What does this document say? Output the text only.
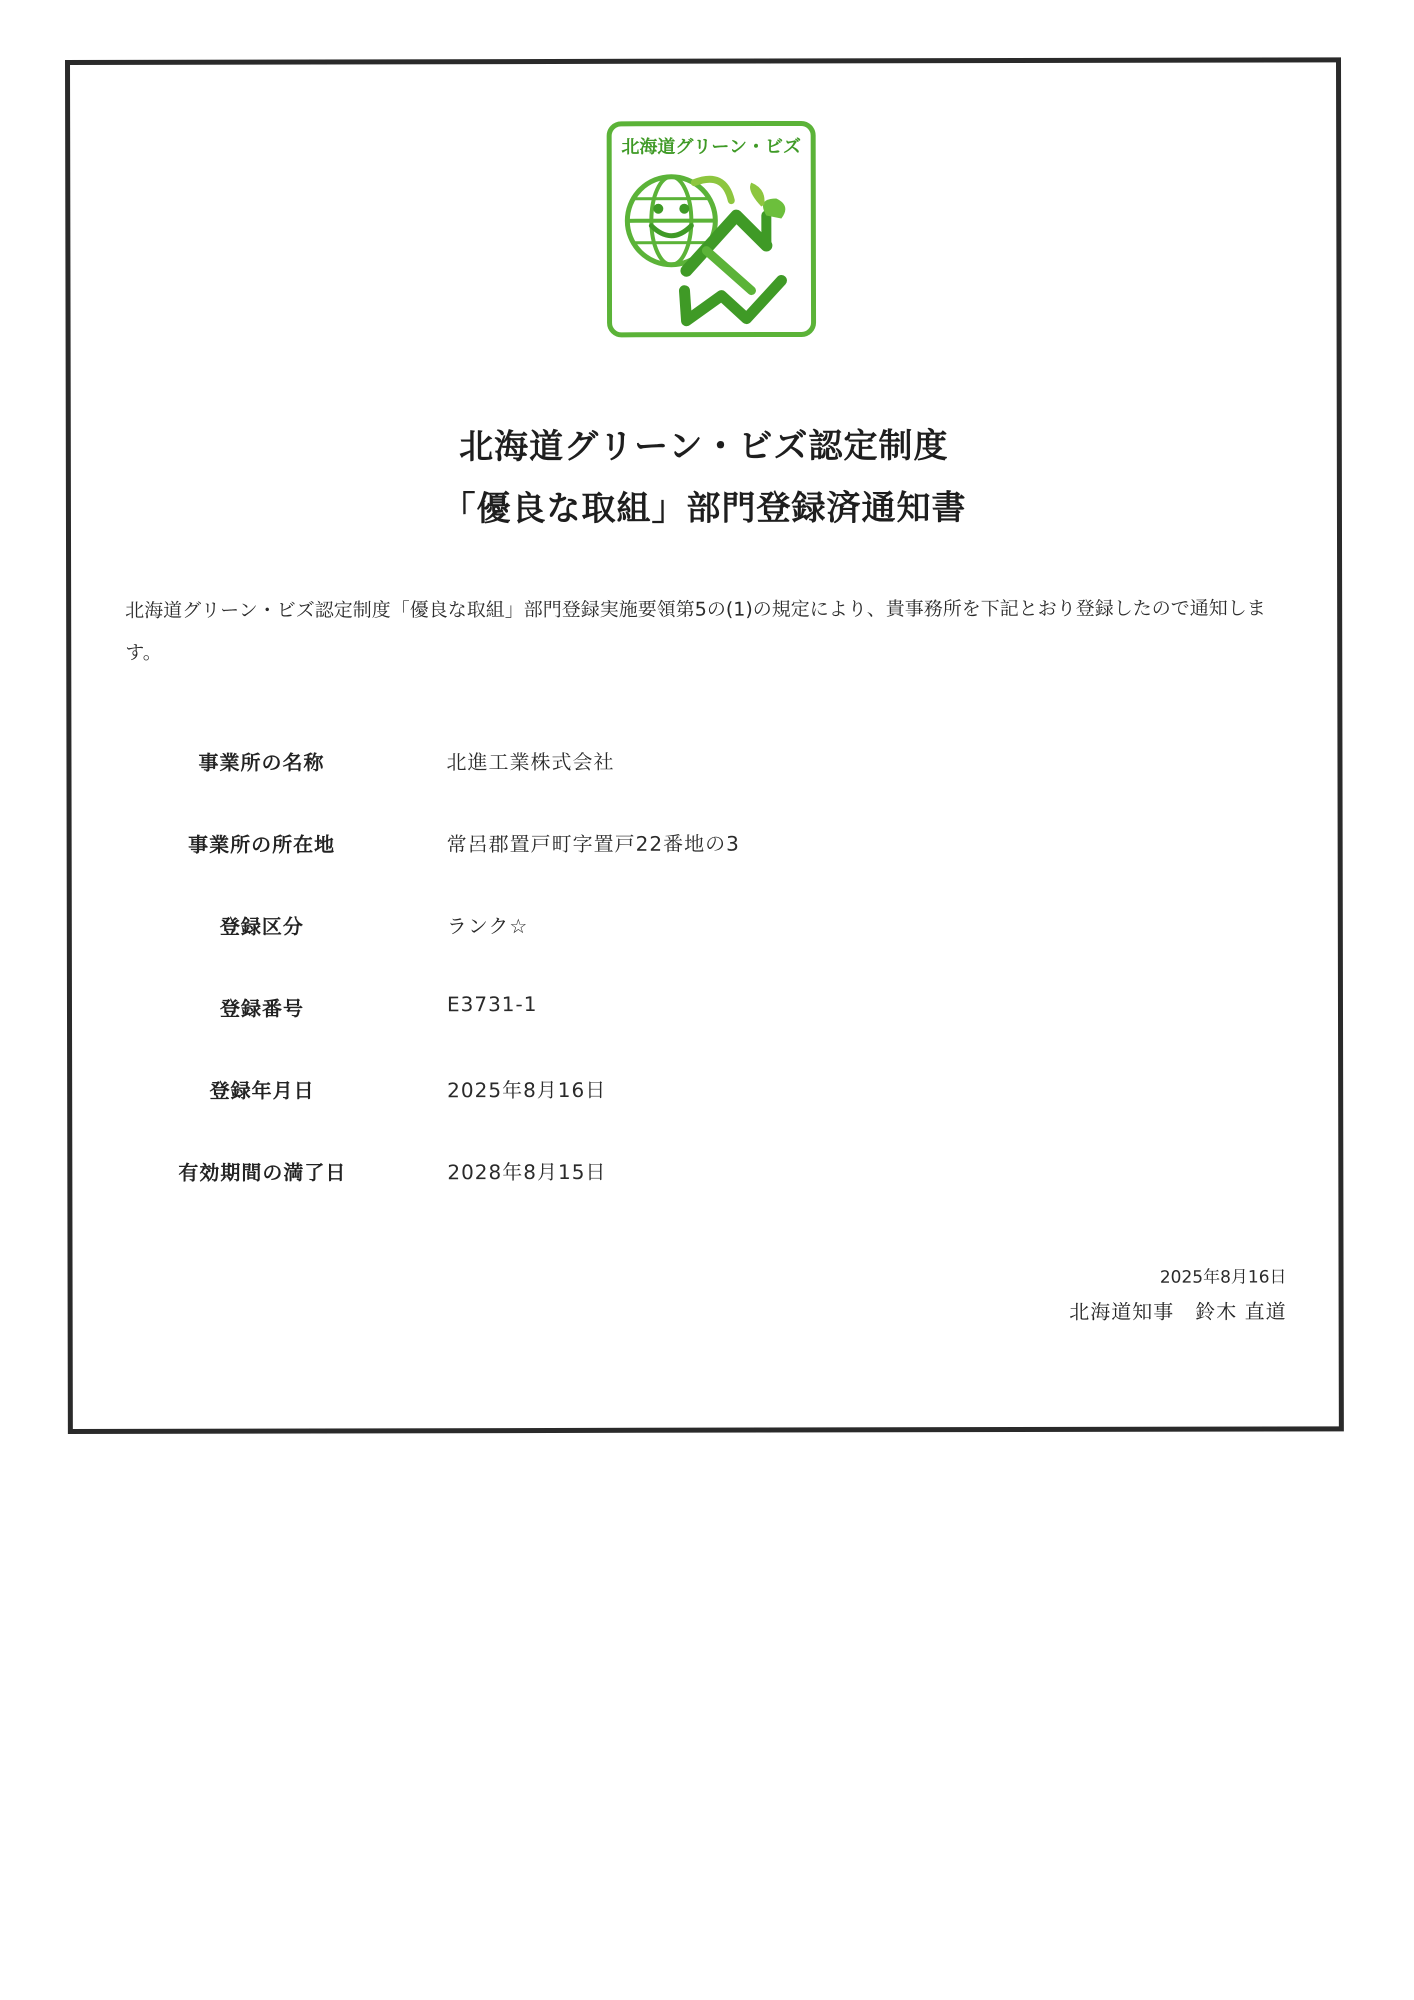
北海道グリーン・ビズ
北海道グリーン・ビズ認定制度
「優良な取組」部門登録済通知書
北海道グリーン・ビズ認定制度「優良な取組」部門登録実施要領第5の(1)の規定により、貴事務所を下記とおり登録したので通知します。
事業所の名称	北進工業株式会社
事業所の所在地	常呂郡置戸町字置戸22番地の3
登録区分	ランク☆
登録番号	E3731-1
登録年月日	2025年8月16日
有効期間の満了日	2028年8月15日
2025年8月16日
北海道知事　鈴木 直道
